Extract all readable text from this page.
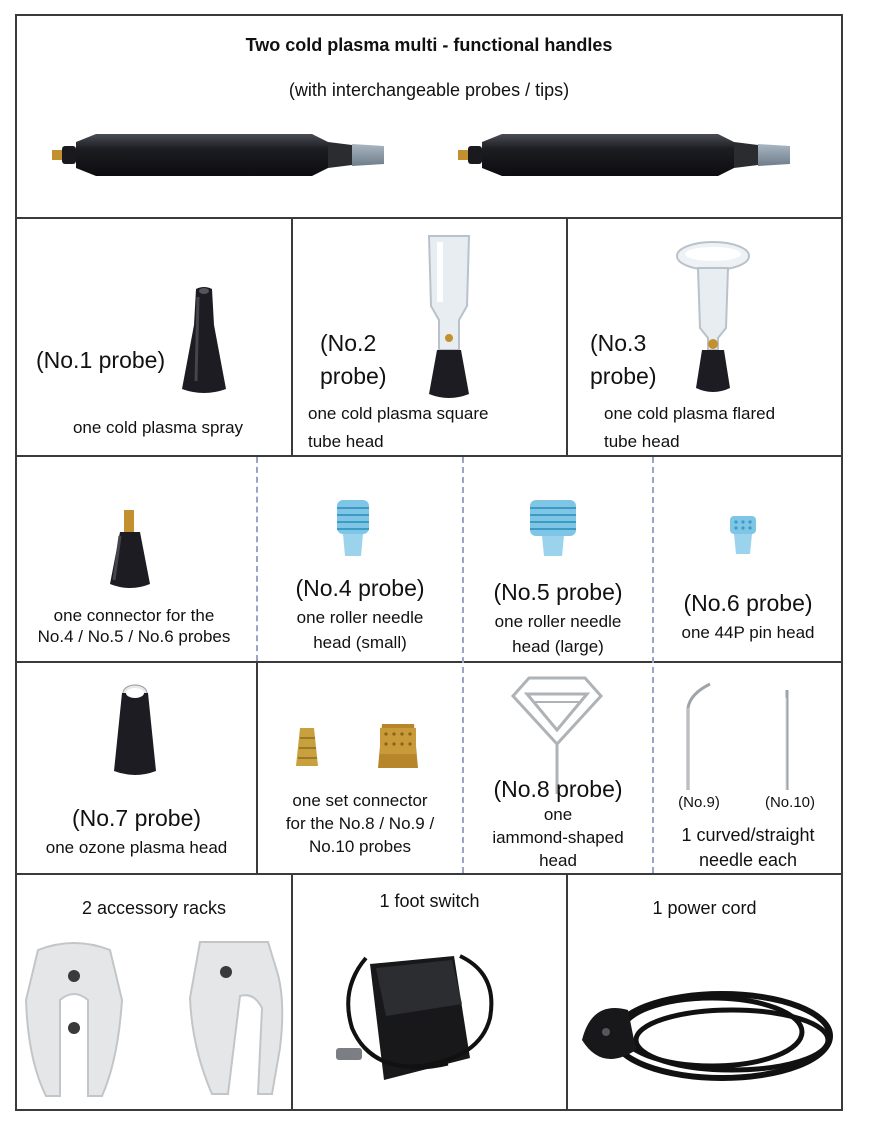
Two cold plasma multi - functional handles
(with interchangeable probes / tips)
(No.1 probe)
one cold plasma spray
(No.2
probe)
one cold plasma square
tube head
(No.3
probe)
one cold plasma flared
tube head
one connector for the
No.4 / No.5 / No.6 probes
(No.4 probe)
one roller needle
head (small)
(No.5 probe)
one roller needle
head (large)
(No.6 probe)
one 44P pin head
(No.7 probe)
one ozone plasma head
one set connector
for the No.8 / No.9 /
No.10 probes
(No.8 probe)
one
iammond-shaped
head
(No.9)	(No.10)
1 curved/straight
needle each
2 accessory racks	1 foot switch	1 power cord
